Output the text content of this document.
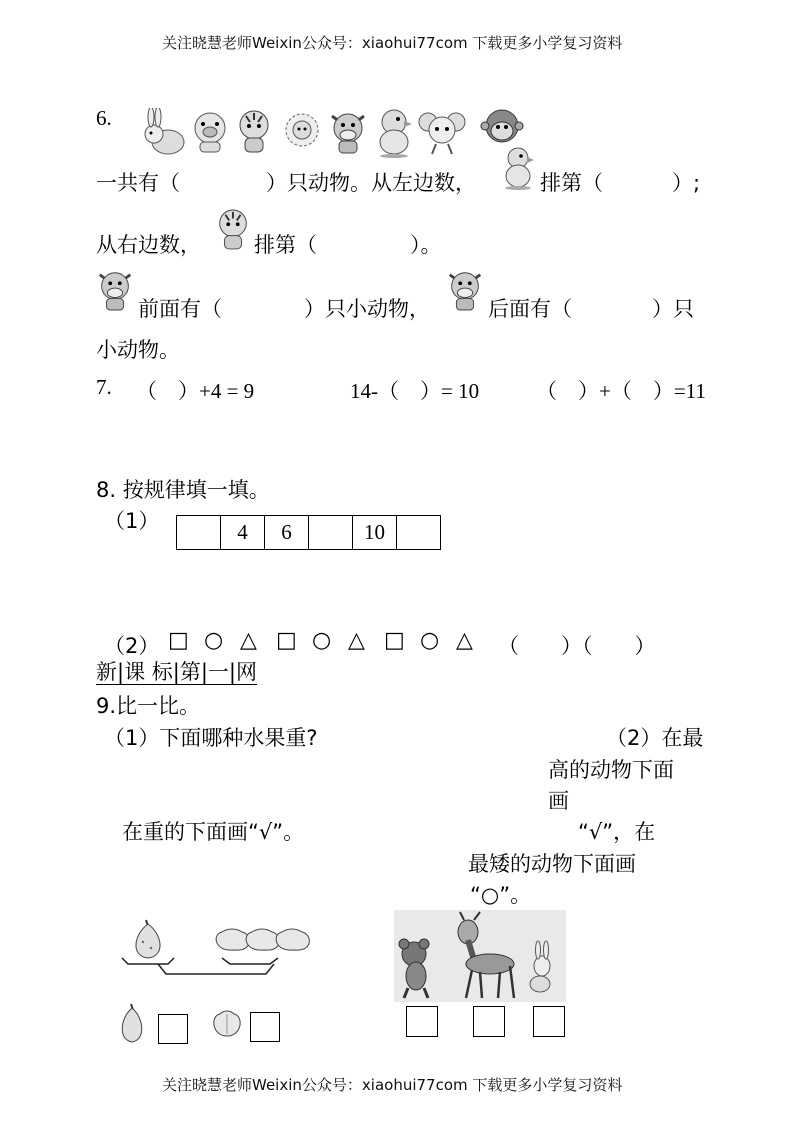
关注晓慧老师Weixin公众号：xiaohui77com 下载更多小学复习资料
6.
一共有（	）只动物。从左边数，	排第（	）;
从右边数，	排第（	）。
前面有（	）只小动物，	后面有（	）只
小动物。
7. （　）+4 = 9	14-（　）= 10	（　）+（　）=11
8. 按规律填一填。
（1）
		4	6		10	
（2） □ ○ △ □ ○ △ □ ○ △ （　　）（　　）
新|课 标|第|一|网
9.比一比。
（1）下面哪种水果重?	（2）在最
高的动物下面
画
在重的下面画“√”。	“√”，在
最矮的动物下面画
“○”。
关注晓慧老师Weixin公众号：xiaohui77com 下载更多小学复习资料
